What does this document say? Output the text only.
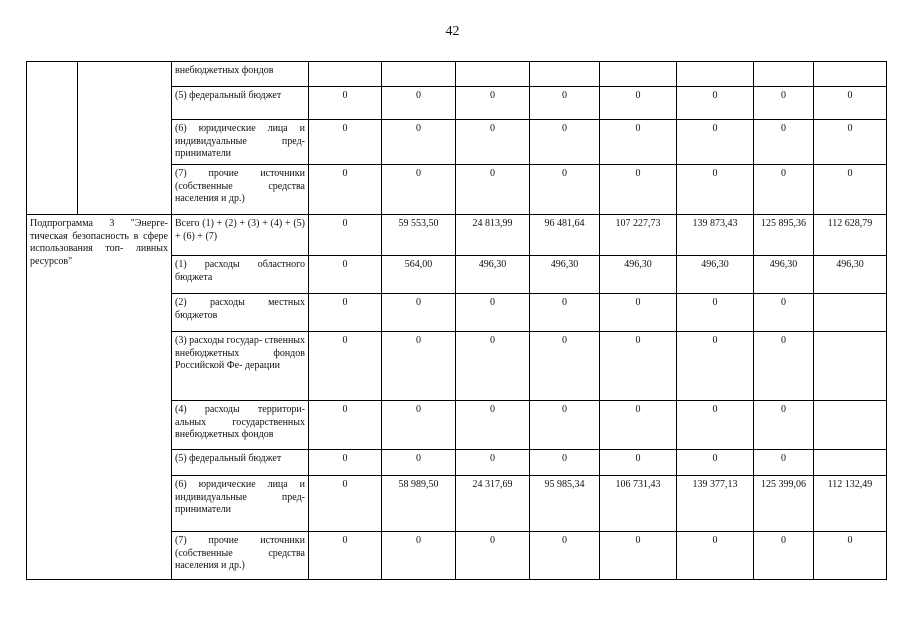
42
		внебюджетных фондов								
		(5) федеральный бюджет	0	0	0	0	0	0	0	0
		(6) юридические лица и индивидуальные пред- приниматели	0	0	0	0	0	0	0	0
		(7) прочие источники (собственные средства населения и др.)	0	0	0	0	0	0	0	0
Подпрограмма 3 "Энерге- тическая безопасность в сфере использования топ- ливных ресурсов"		Всего (1) + (2) + (3) + (4) + (5) + (6) + (7)	0	59 553,50	24 813,99	96 481,64	107 227,73	139 873,43	125 895,36	112 628,79
		(1) расходы областного бюджета	0	564,00	496,30	496,30	496,30	496,30	496,30	496,30
		(2) расходы местных бюджетов	0	0	0	0	0	0	0	
		(3) расходы государ- ственных внебюджетных фондов Российской Фе- дерации	0	0	0	0	0	0	0	
		(4) расходы территори- альных государственных внебюджетных фондов	0	0	0	0	0	0	0	
		(5) федеральный бюджет	0	0	0	0	0	0	0	
		(6) юридические лица и индивидуальные пред- приниматели	0	58 989,50	24 317,69	95 985,34	106 731,43	139 377,13	125 399,06	112 132,49
		(7) прочие источники (собственные средства населения и др.)	0	0	0	0	0	0	0	0
